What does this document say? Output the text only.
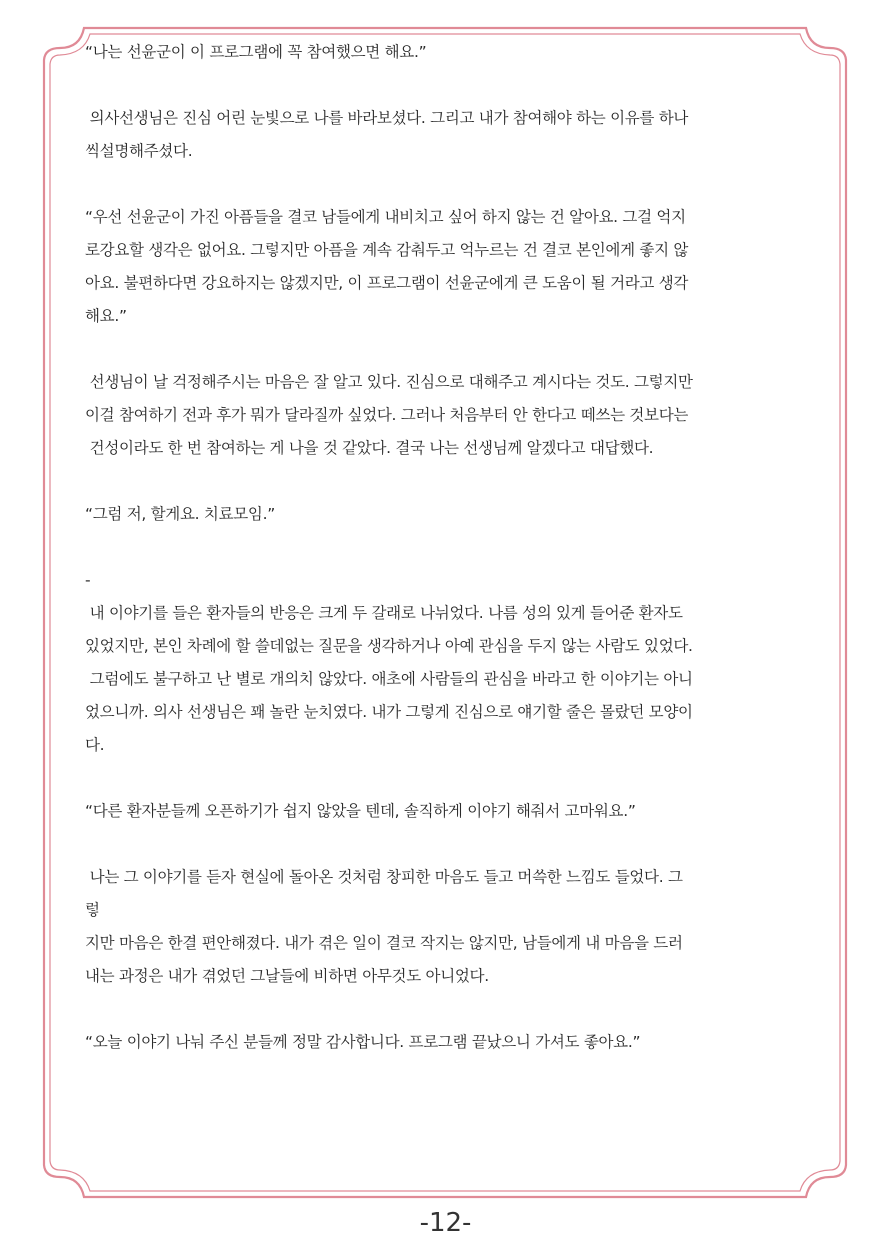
“나는 선윤군이 이 프로그램에 꼭 참여했으면 해요.”

의사선생님은 진심 어린 눈빛으로 나를 바라보셨다. 그리고 내가 참여해야 하는 이유를 하나
씩설명해주셨다.

“우선 선윤군이 가진 아픔들을 결코 남들에게 내비치고 싶어 하지 않는 건 알아요. 그걸 억지
로강요할 생각은 없어요. 그렇지만 아픔을 계속 감춰두고 억누르는 건 결코 본인에게 좋지 않
아요. 불편하다면 강요하지는 않겠지만, 이 프로그램이 선윤군에게 큰 도움이 될 거라고 생각
해요.”

선생님이 날 걱정해주시는 마음은 잘 알고 있다. 진심으로 대해주고 계시다는 것도. 그렇지만
이걸 참여하기 전과 후가 뭐가 달라질까 싶었다. 그러나 처음부터 안 한다고 떼쓰는 것보다는
건성이라도 한 번 참여하는 게 나을 것 같았다. 결국 나는 선생님께 알겠다고 대답했다.

“그럼 저, 할게요. 치료모임.”

-

내 이야기를 들은 환자들의 반응은 크게 두 갈래로 나뉘었다. 나름 성의 있게 들어준 환자도
있었지만, 본인 차례에 할 쓸데없는 질문을 생각하거나 아예 관심을 두지 않는 사람도 있었다.
그럼에도 불구하고 난 별로 개의치 않았다. 애초에 사람들의 관심을 바라고 한 이야기는 아니
었으니까. 의사 선생님은 꽤 놀란 눈치였다. 내가 그렇게 진심으로 얘기할 줄은 몰랐던 모양이
다.

“다른 환자분들께 오픈하기가 쉽지 않았을 텐데, 솔직하게 이야기 해줘서 고마워요.”

나는 그 이야기를 듣자 현실에 돌아온 것처럼 창피한 마음도 들고 머쓱한 느낌도 들었다. 그
렇
지만 마음은 한결 편안해졌다. 내가 겪은 일이 결코 작지는 않지만, 남들에게 내 마음을 드러
내는 과정은 내가 겪었던 그날들에 비하면 아무것도 아니었다.

“오늘 이야기 나눠 주신 분들께 정말 감사합니다. 프로그램 끝났으니 가셔도 좋아요.”

-12-
